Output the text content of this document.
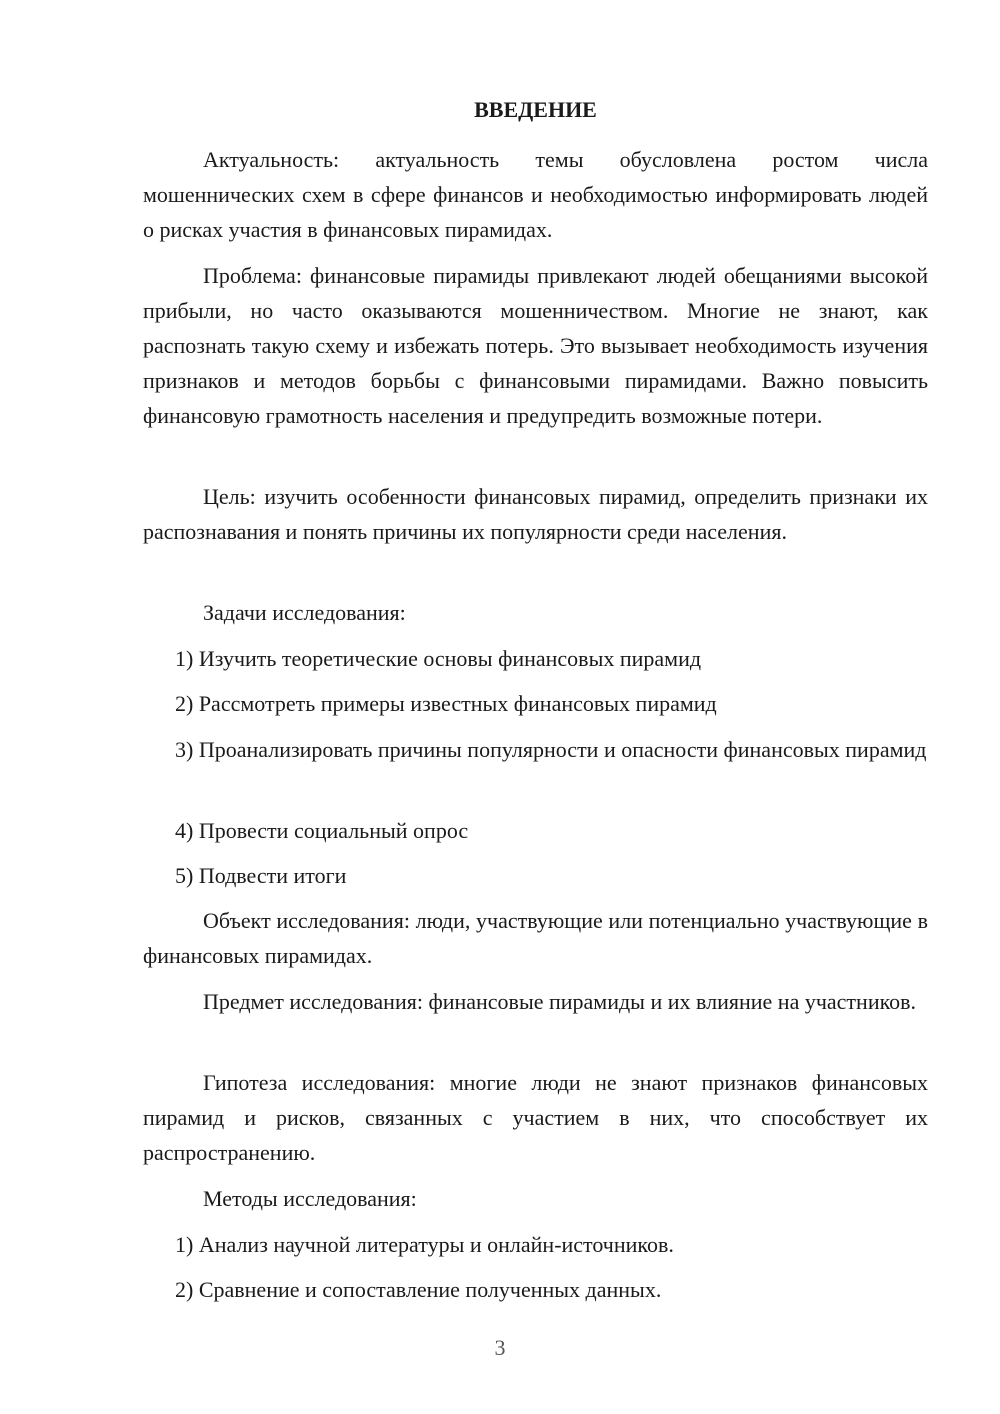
ВВЕДЕНИЕ

Актуальность: актуальность темы обусловлена ростом числа мошеннических схем в сфере финансов и необходимостью информировать людей о рисках участия в финансовых пирамидах.

Проблема: финансовые пирамиды привлекают людей обещаниями высокой прибыли, но часто оказываются мошенничеством. Многие не знают, как распознать такую схему и избежать потерь. Это вызывает необходимость изучения признаков и методов борьбы с финансовыми пирамидами. Важно повысить финансовую грамотность населения и предупредить возможные потери.

Цель: изучить особенности финансовых пирамид, определить признаки их распознавания и понять причины их популярности среди населения.

Задачи исследования:

1) Изучить теоретические основы финансовых пирамид

2) Рассмотреть примеры известных финансовых пирамид

3) Проанализировать причины популярности и опасности финансовых пирамид

4) Провести социальный опрос

5) Подвести итоги

Объект исследования: люди, участвующие или потенциально участвующие в финансовых пирамидах.

Предмет исследования: финансовые пирамиды и их влияние на участников.

Гипотеза исследования: многие люди не знают признаков финансовых пирамид и рисков, связанных с участием в них, что способствует их распространению.

Методы исследования:

1) Анализ научной литературы и онлайн-источников.

2) Сравнение и сопоставление полученных данных.

3
